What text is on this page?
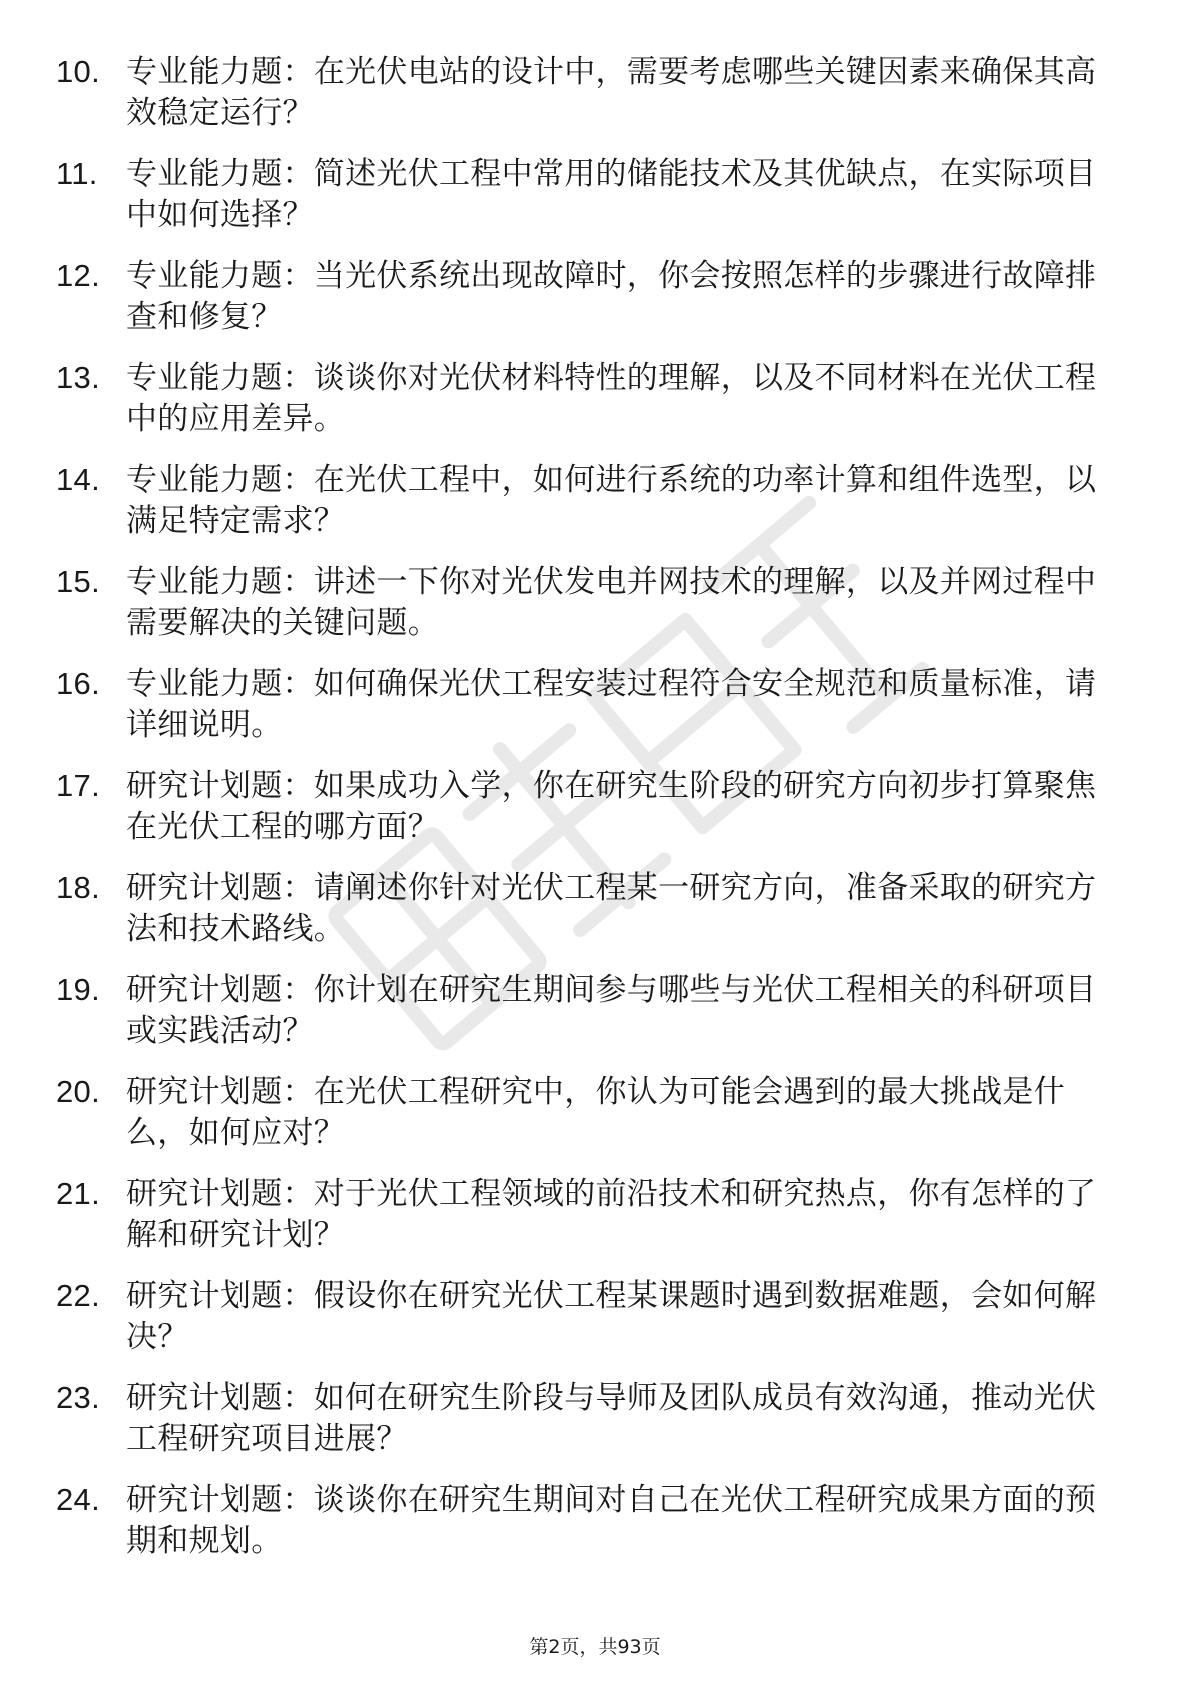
10. 专业能力题：在光伏电站的设计中，需要考虑哪些关键因素来确保其高效稳定运行？
11. 专业能力题：简述光伏工程中常用的储能技术及其优缺点，在实际项目中如何选择？
12. 专业能力题：当光伏系统出现故障时，你会按照怎样的步骤进行故障排查和修复？
13. 专业能力题：谈谈你对光伏材料特性的理解，以及不同材料在光伏工程中的应用差异。
14. 专业能力题：在光伏工程中，如何进行系统的功率计算和组件选型，以满足特定需求？
15. 专业能力题：讲述一下你对光伏发电并网技术的理解，以及并网过程中需要解决的关键问题。
16. 专业能力题：如何确保光伏工程安装过程符合安全规范和质量标准，请详细说明。
17. 研究计划题：如果成功入学，你在研究生阶段的研究方向初步打算聚焦在光伏工程的哪方面？
18. 研究计划题：请阐述你针对光伏工程某一研究方向，准备采取的研究方法和技术路线。
19. 研究计划题：你计划在研究生期间参与哪些与光伏工程相关的科研项目或实践活动？
20. 研究计划题：在光伏工程研究中，你认为可能会遇到的最大挑战是什么，如何应对？
21. 研究计划题：对于光伏工程领域的前沿技术和研究热点，你有怎样的了解和研究计划？
22. 研究计划题：假设你在研究光伏工程某课题时遇到数据难题，会如何解决？
23. 研究计划题：如何在研究生阶段与导师及团队成员有效沟通，推动光伏工程研究项目进展？
24. 研究计划题：谈谈你在研究生期间对自己在光伏工程研究成果方面的预期和规划。
第2页，共93页
